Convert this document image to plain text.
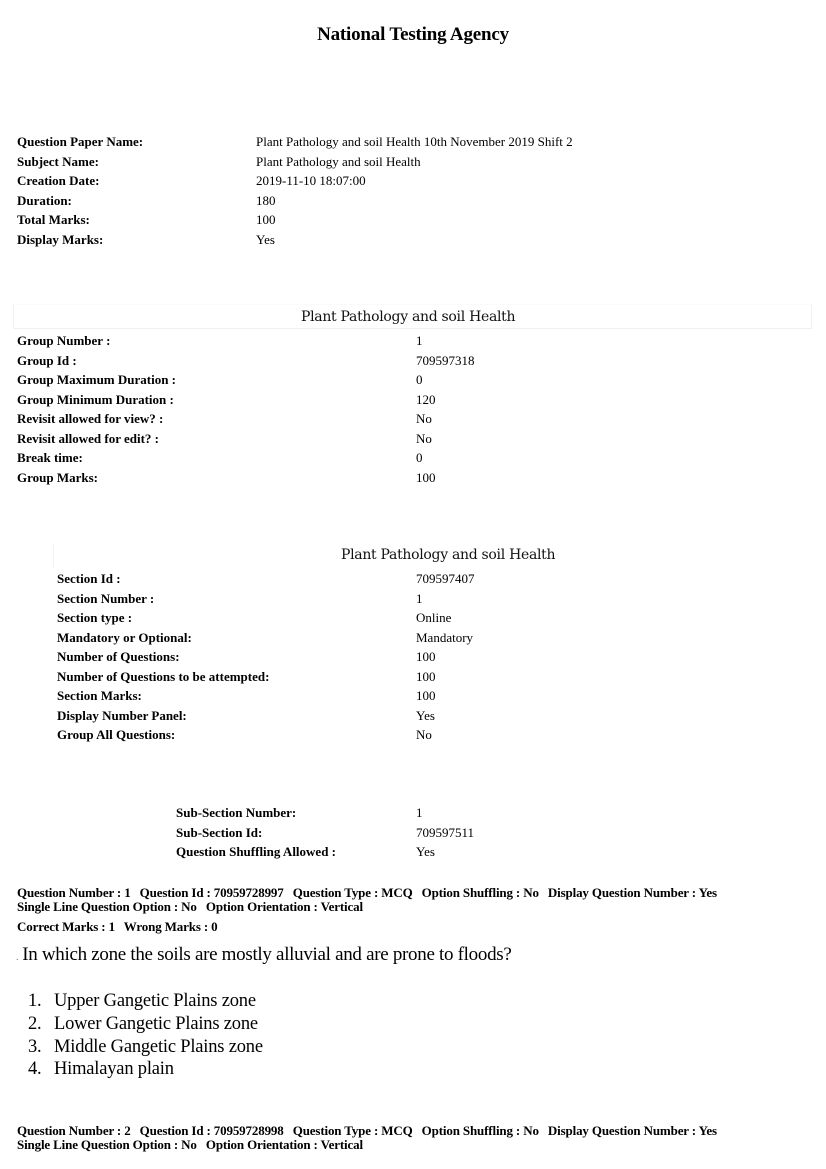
National Testing Agency
Question Paper Name:	Plant Pathology and soil Health 10th November 2019 Shift 2
Subject Name:	Plant Pathology and soil Health
Creation Date:	2019-11-10 18:07:00
Duration:	180
Total Marks:	100
Display Marks:	Yes
Plant Pathology and soil Health
Group Number :	1
Group Id :	709597318
Group Maximum Duration :	0
Group Minimum Duration :	120
Revisit allowed for view? :	No
Revisit allowed for edit? :	No
Break time:	0
Group Marks:	100
Plant Pathology and soil Health
Section Id :	709597407
Section Number :	1
Section type :	Online
Mandatory or Optional:	Mandatory
Number of Questions:	100
Number of Questions to be attempted:	100
Section Marks:	100
Display Number Panel:	Yes
Group All Questions:	No
Sub-Section Number:	1
Sub-Section Id:	709597511
Question Shuffling Allowed :	Yes
Question Number : 1 Question Id : 70959728997 Question Type : MCQ Option Shuffling : No Display Question Number : Yes
Single Line Question Option : No Option Orientation : Vertical
Correct Marks : 1 Wrong Marks : 0
. In which zone the soils are mostly alluvial and are prone to floods?
1. Upper Gangetic Plains zone
2. Lower Gangetic Plains zone
3. Middle Gangetic Plains zone
4. Himalayan plain
Question Number : 2 Question Id : 70959728998 Question Type : MCQ Option Shuffling : No Display Question Number : Yes
Single Line Question Option : No Option Orientation : Vertical
